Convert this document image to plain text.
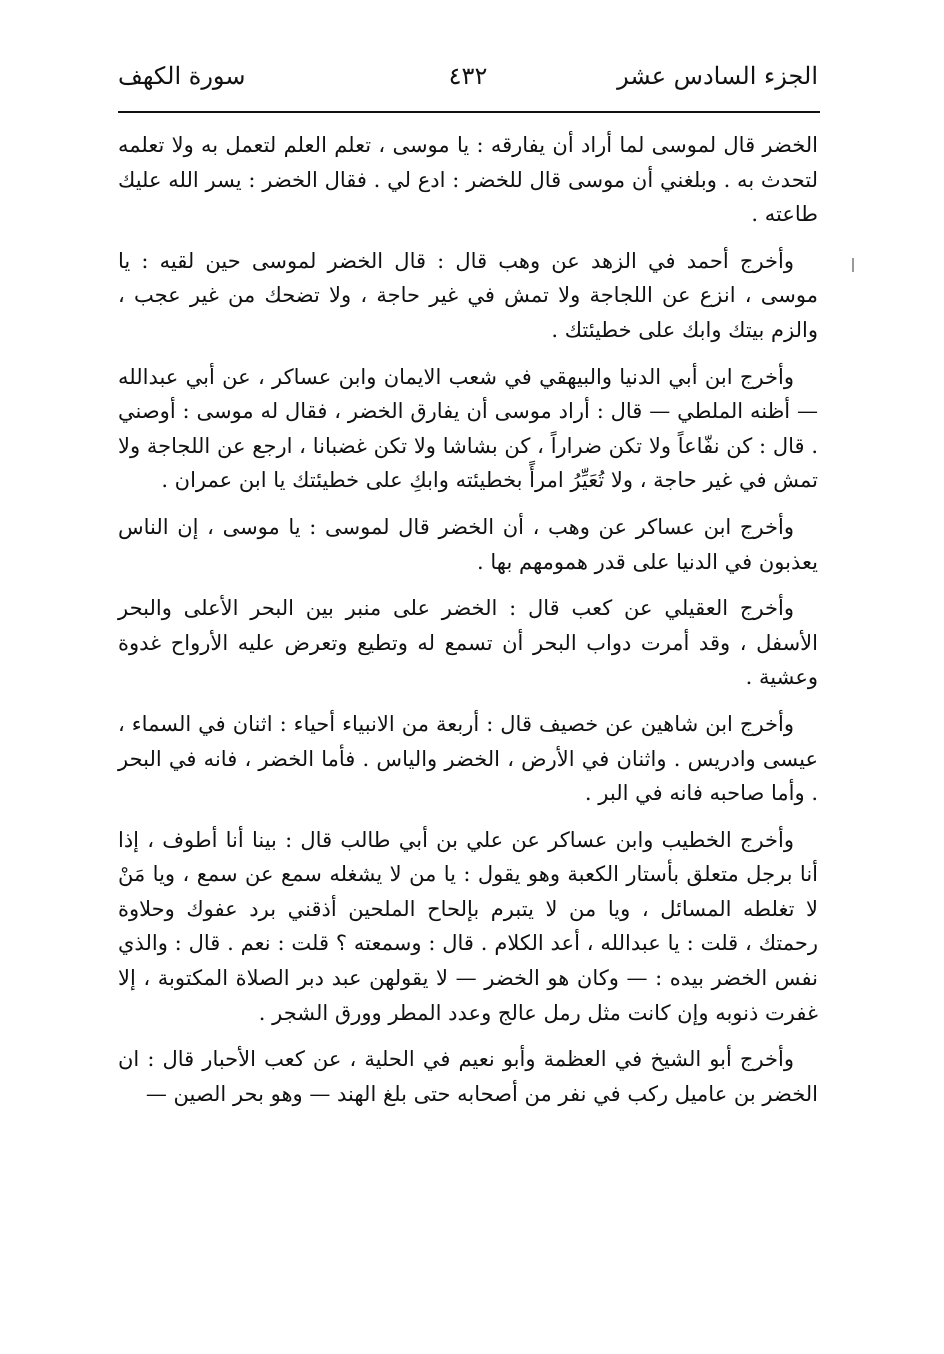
الجزء السادس عشر
٤٣٢
سورة الكهف

الخضر قال لموسى لما أراد أن يفارقه : يا موسى ، تعلم العلم لتعمل به ولا تعلمه لتحدث به . وبلغني أن موسى قال للخضر : ادع لي . فقال الخضر : يسر الله عليك طاعته .

وأخرج أحمد في الزهد عن وهب قال : قال الخضر لموسى حين لقيه : يا موسى ، انزع عن اللجاجة ولا تمش في غير حاجة ، ولا تضحك من غير عجب ، والزم بيتك وابك على خطيئتك .

وأخرج ابن أبي الدنيا والبيهقي في شعب الايمان وابن عساكر ، عن أبي عبدالله — أظنه الملطي — قال : أراد موسى أن يفارق الخضر ، فقال له موسى : أوصني . قال : كن نفّاعاً ولا تكن ضراراً ، كن بشاشا ولا تكن غضبانا ، ارجع عن اللجاجة ولا تمش في غير حاجة ، ولا تُعَيِّرُ امرأً بخطيئته وابكِ على خطيئتك يا ابن عمران .

وأخرج ابن عساكر عن وهب ، أن الخضر قال لموسى : يا موسى ، إن الناس يعذبون في الدنيا على قدر همومهم بها .

وأخرج العقيلي عن كعب قال : الخضر على منبر بين البحر الأعلى والبحر الأسفل ، وقد أمرت دواب البحر أن تسمع له وتطيع وتعرض عليه الأرواح غدوة وعشية .

وأخرج ابن شاهين عن خصيف قال : أربعة من الانبياء أحياء : اثنان في السماء ، عيسى وادريس . واثنان في الأرض ، الخضر والياس . فأما الخضر ، فانه في البحر . وأما صاحبه فانه في البر .

وأخرج الخطيب وابن عساكر عن علي بن أبي طالب قال : بينا أنا أطوف ، إذا أنا برجل متعلق بأستار الكعبة وهو يقول : يا من لا يشغله سمع عن سمع ، ويا مَنْ لا تغلطه المسائل ، ويا من لا يتبرم بإلحاح الملحين أذقني برد عفوك وحلاوة رحمتك ، قلت : يا عبدالله ، أعد الكلام . قال : وسمعته ؟ قلت : نعم . قال : والذي نفس الخضر بيده : — وكان هو الخضر — لا يقولهن عبد دبر الصلاة المكتوبة ، إلا غفرت ذنوبه وإن كانت مثل رمل عالج وعدد المطر وورق الشجر .

وأخرج أبو الشيخ في العظمة وأبو نعيم في الحلية ، عن كعب الأحبار قال : ان الخضر بن عاميل ركب في نفر من أصحابه حتى بلغ الهند — وهو بحر الصين —
